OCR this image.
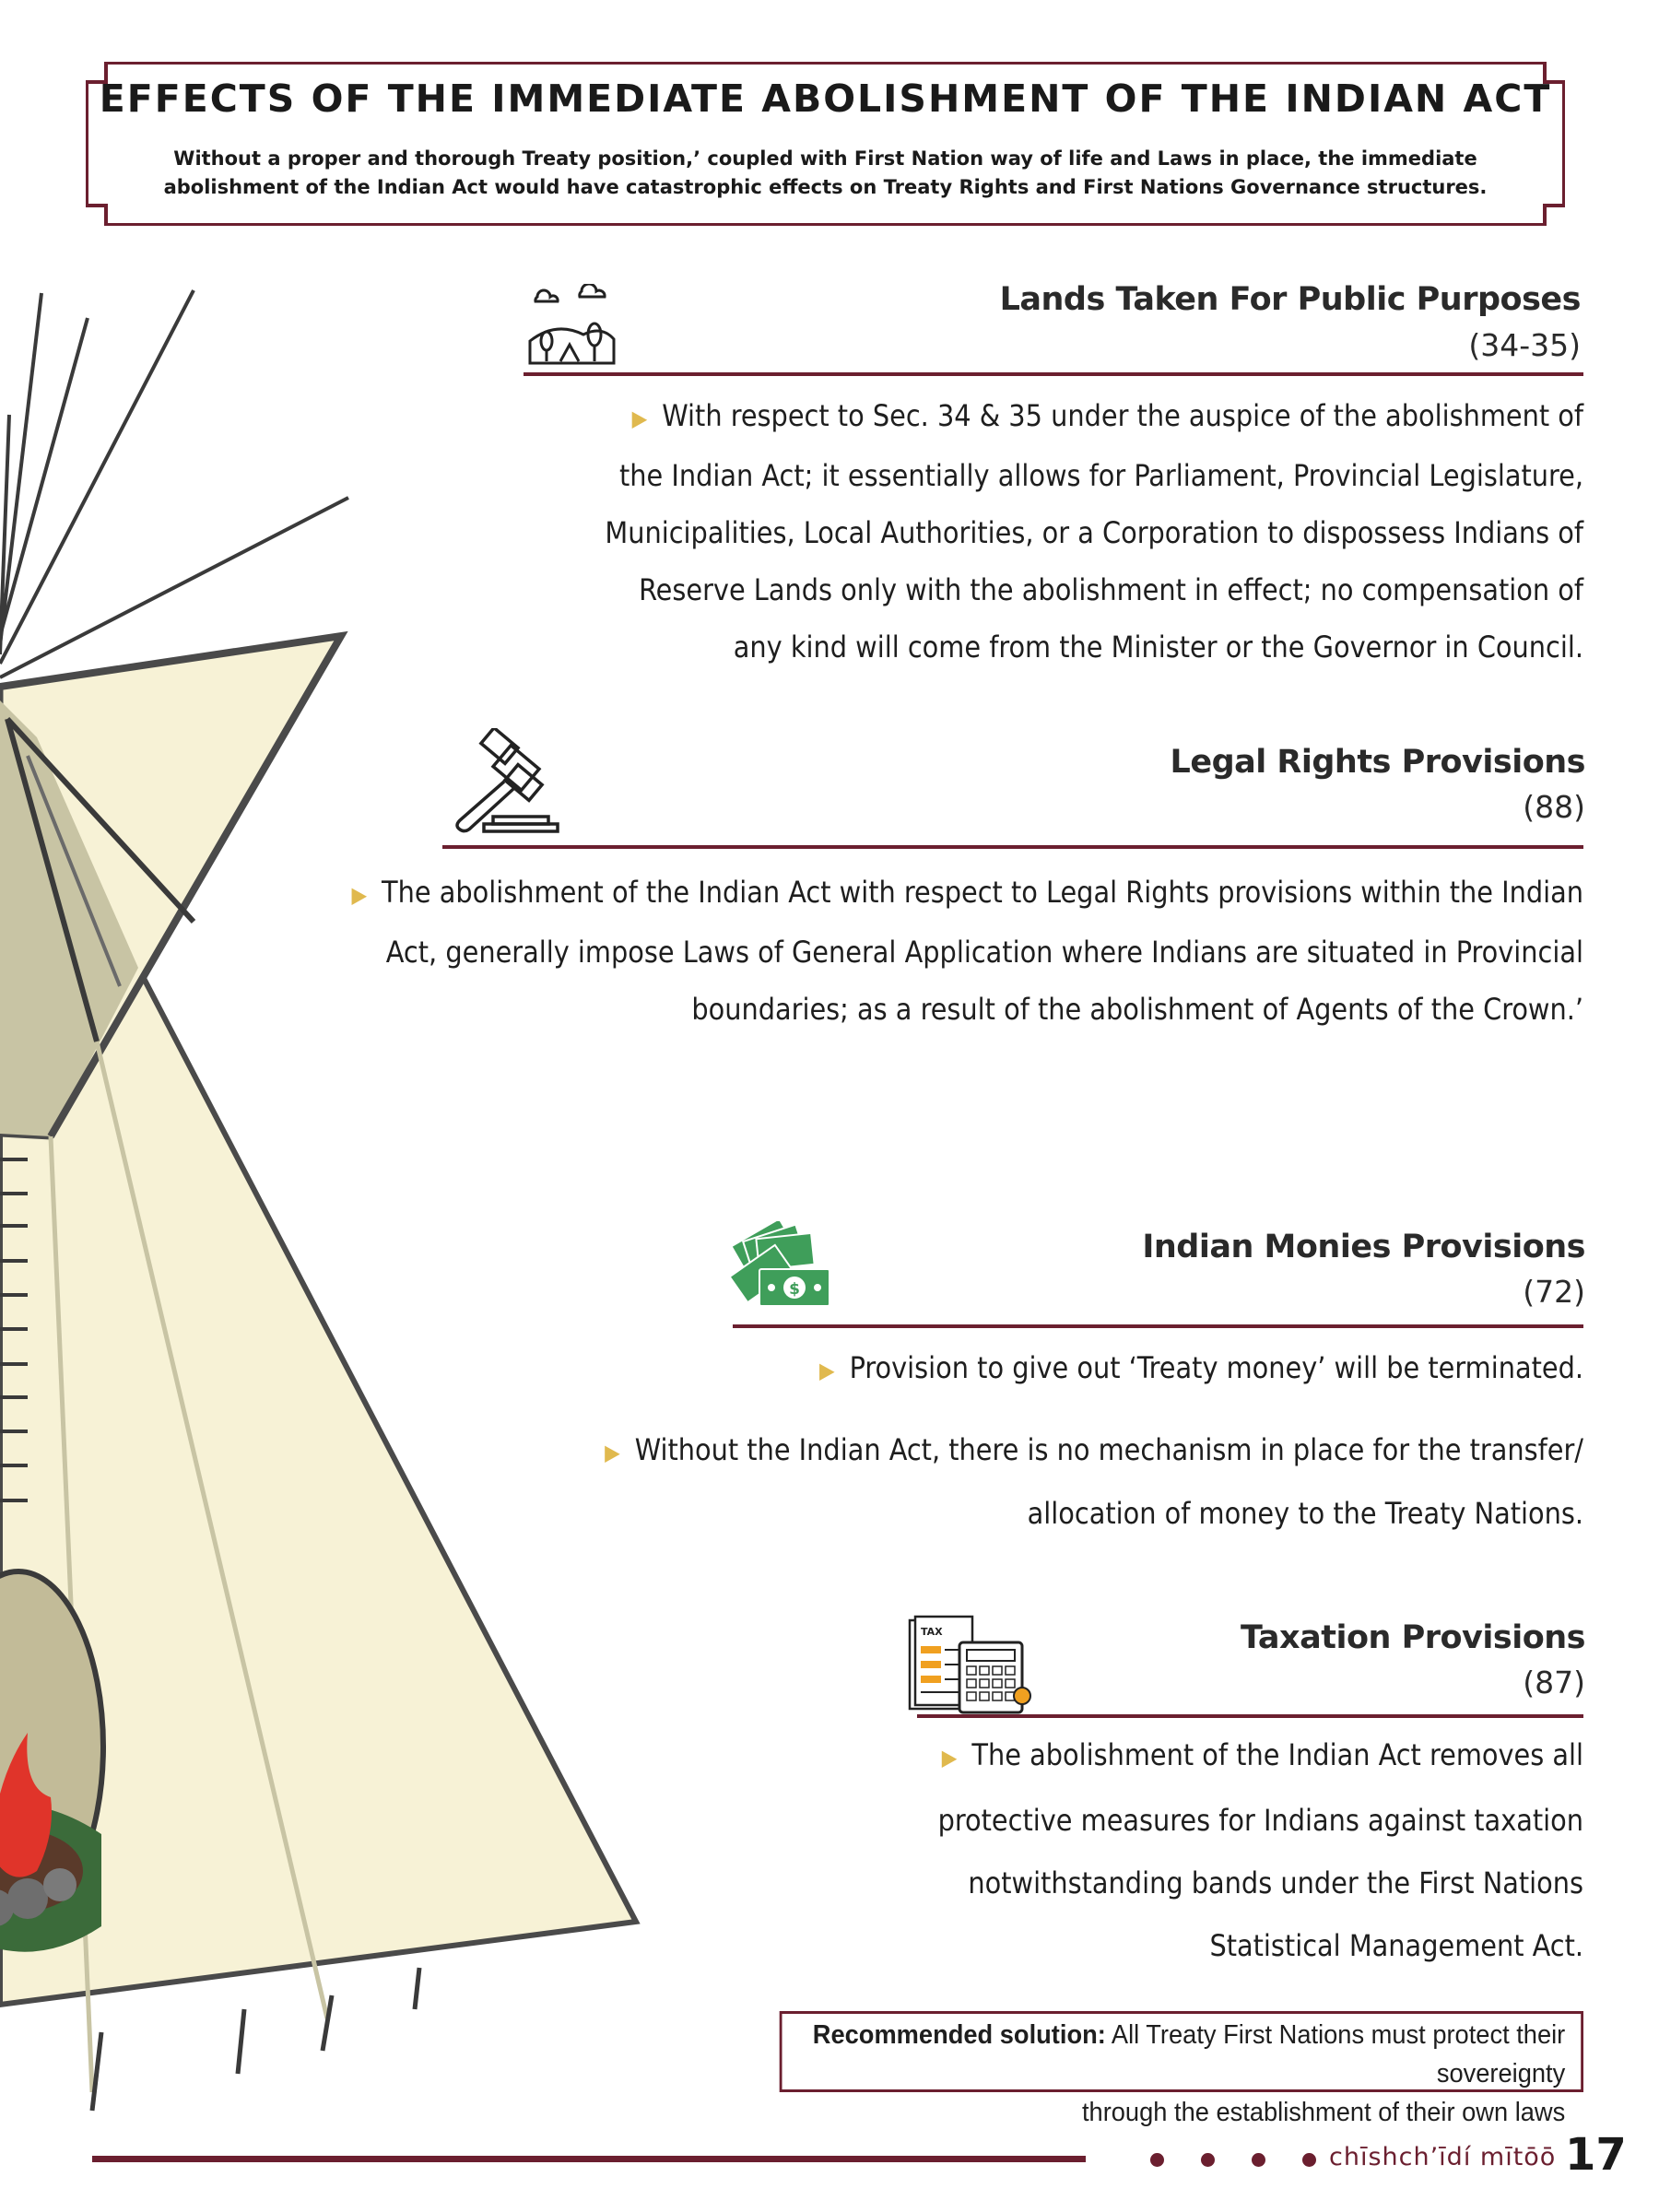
EFFECTS OF THE IMMEDIATE ABOLISHMENT OF THE INDIAN ACT
Without a proper and thorough Treaty position,’ coupled with First Nation way of life and Laws in place, the immediate
abolishment of the Indian Act would have catastrophic effects on Treaty Rights and First Nations Governance structures.
Lands Taken For Public Purposes
(34-35)
▶ With respect to Sec. 34 & 35 under the auspice of the abolishment of
the Indian Act; it essentially allows for Parliament, Provincial Legislature,
Municipalities, Local Authorities, or a Corporation to dispossess Indians of
Reserve Lands only with the abolishment in effect; no compensation of
any kind will come from the Minister or the Governor in Council.
Legal Rights Provisions
(88)
▶ The abolishment of the Indian Act with respect to Legal Rights provisions within the Indian
Act, generally impose Laws of General Application where Indians are situated in Provincial
boundaries; as a result of the abolishment of Agents of the Crown.’
$
Indian Monies Provisions
(72)
▶ Provision to give out ‘Treaty money’ will be terminated.
▶ Without the Indian Act, there is no mechanism in place for the transfer/
allocation of money to the Treaty Nations.
TAX	Taxation Provisions
(87)
▶ The abolishment of the Indian Act removes all
protective measures for Indians against taxation
notwithstanding bands under the First Nations
Statistical Management Act.
Recommended solution: All Treaty First Nations must protect their sovereignty
through the establishment of their own laws
chīshch’īdí mītōō 17
